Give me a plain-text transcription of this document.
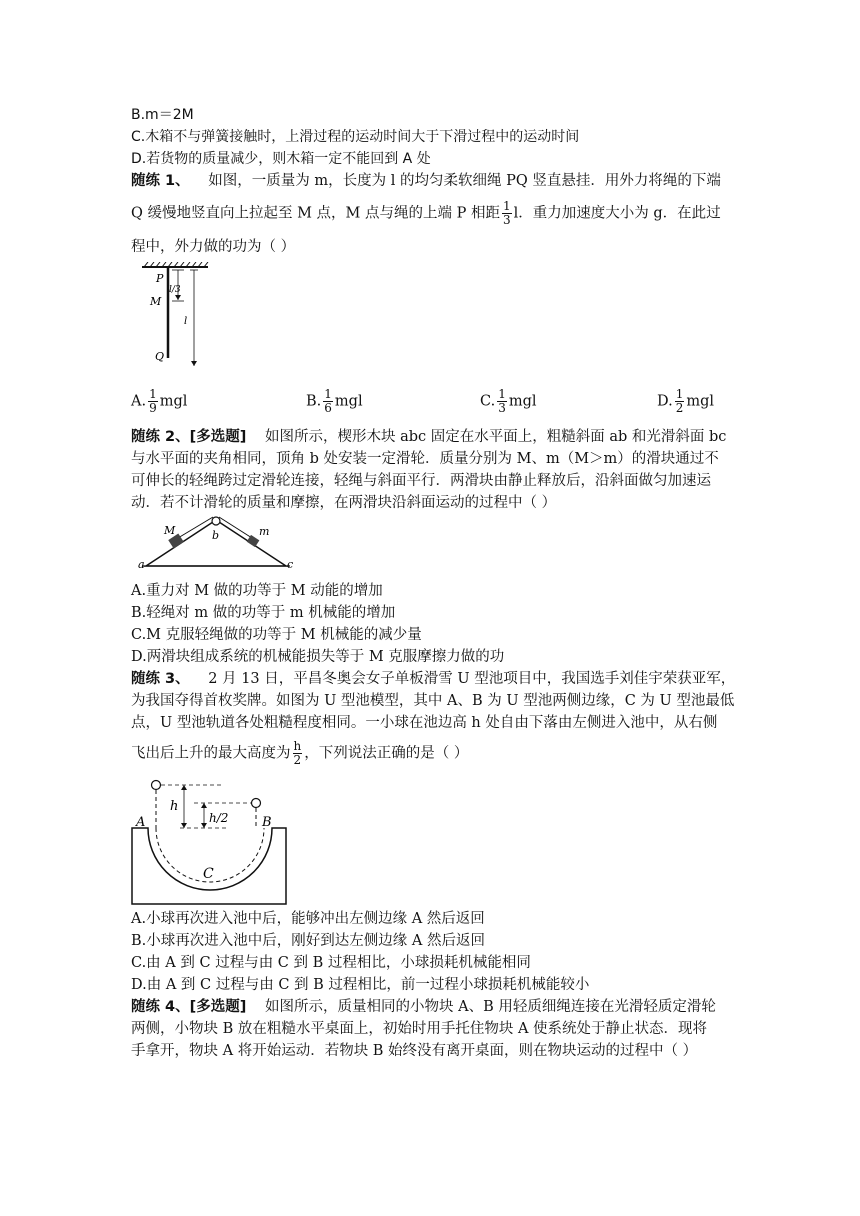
B.m＝2M
C.木箱不与弹簧接触时，上滑过程的运动时间大于下滑过程中的运动时间
D.若货物的质量减少，则木箱一定不能回到 A 处
随练 1、 如图，一质量为 m，长度为 l 的均匀柔软细绳 PQ 竖直悬挂．用外力将绳的下端
Q 缓慢地竖直向上拉起至 M 点，M 点与绳的上端 P 相距 $\frac{1}{3}$ l．重力加速度大小为 g．在此过
程中，外力做的功为（ ）
P
l/3
M
l
Q
A. $\frac{1}{9}$ mgl	B. $\frac{1}{6}$ mgl	C. $\frac{1}{3}$ mgl	D. $\frac{1}{2}$ mgl
随练 2、[多选题] 如图所示，楔形木块 abc 固定在水平面上，粗糙斜面 ab 和光滑斜面 bc
与水平面的夹角相同，顶角 b 处安装一定滑轮．质量分别为 M、m（M＞m）的滑块通过不
可伸长的轻绳跨过定滑轮连接，轻绳与斜面平行．两滑块由静止释放后，沿斜面做匀加速运
动．若不计滑轮的质量和摩擦，在两滑块沿斜面运动的过程中（ ）
M	m
b
a	c
A.重力对 M 做的功等于 M 动能的增加
B.轻绳对 m 做的功等于 m 机械能的增加
C.M 克服轻绳做的功等于 M 机械能的减少量
D.两滑块组成系统的机械能损失等于 M 克服摩擦力做的功
随练 3、 2 月 13 日，平昌冬奥会女子单板滑雪 U 型池项目中，我国选手刘佳宇荣获亚军，
为我国夺得首枚奖牌。如图为 U 型池模型，其中 A、B 为 U 型池两侧边缘，C 为 U 型池最低
点，U 型池轨道各处粗糙程度相同。一小球在池边高 h 处自由下落由左侧进入池中，从右侧
飞出后上升的最大高度为 $\frac{h}{2}$ ，下列说法正确的是（ ）
h
h/2
A	B
C
A.小球再次进入池中后，能够冲出左侧边缘 A 然后返回
B.小球再次进入池中后，刚好到达左侧边缘 A 然后返回
C.由 A 到 C 过程与由 C 到 B 过程相比，小球损耗机械能相同
D.由 A 到 C 过程与由 C 到 B 过程相比，前一过程小球损耗机械能较小
随练 4、[多选题] 如图所示，质量相同的小物块 A、B 用轻质细绳连接在光滑轻质定滑轮
两侧，小物块 B 放在粗糙水平桌面上，初始时用手托住物块 A 使系统处于静止状态．现将
手拿开，物块 A 将开始运动．若物块 B 始终没有离开桌面，则在物块运动的过程中（ ）
